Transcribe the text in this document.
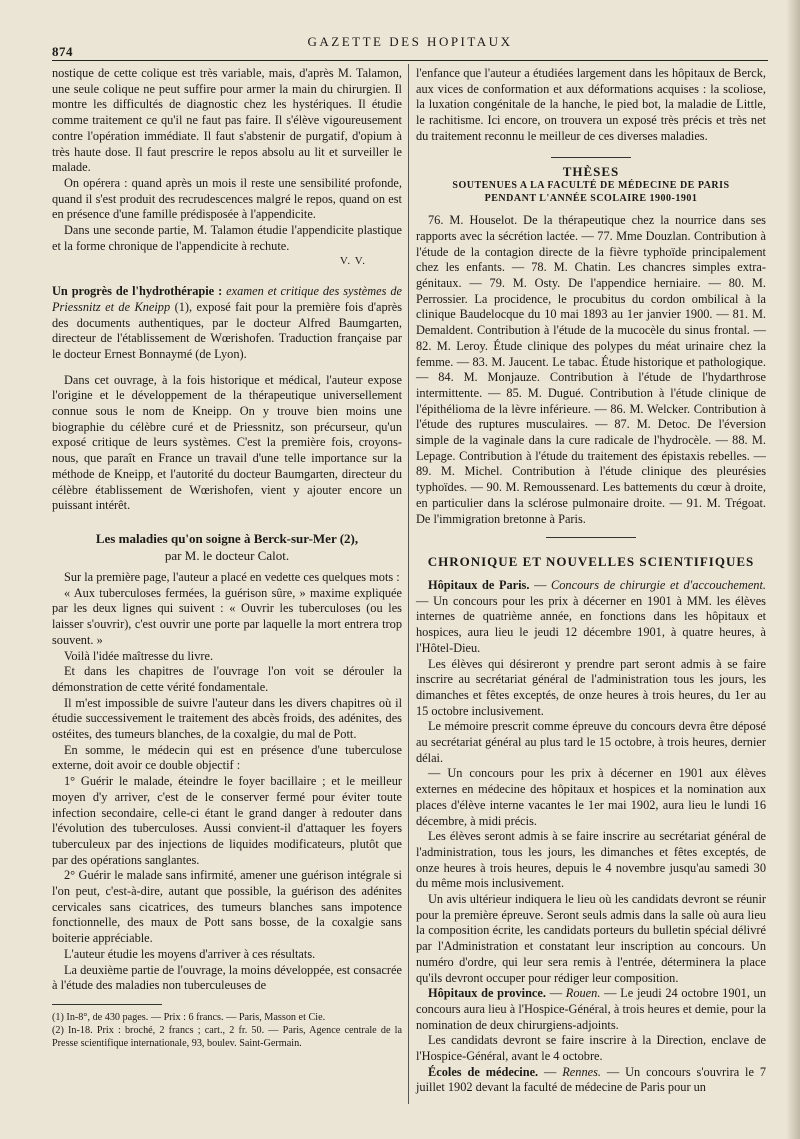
874
GAZETTE DES HOPITAUX

nostique de cette colique est très variable, mais, d'après M. Talamon, une seule colique ne peut suffire pour armer la main du chirurgien. Il montre les difficultés de diagnostic chez les hystériques. Il étudie comme traitement ce qu'il ne faut pas faire. Il s'élève vigoureusement contre l'opération immédiate. Il faut s'abstenir de purgatif, d'opium à très haute dose. Il faut prescrire le repos absolu au lit et surveiller le malade.

On opérera : quand après un mois il reste une sensibilité profonde, quand il s'est produit des recrudescences malgré le repos, quand on est en présence d'une famille prédisposée à l'appendicite.

Dans une seconde partie, M. Talamon étudie l'appendicite plastique et la forme chronique de l'appendicite à rechute.

V. V.

Un progrès de l'hydrothérapie : examen et critique des systèmes de Priessnitz et de Kneipp (1), exposé fait pour la première fois d'après des documents authentiques, par le docteur Alfred Baumgarten, directeur de l'établissement de Wœrishofen. Traduction française par le docteur Ernest Bonnaymé (de Lyon).

Dans cet ouvrage, à la fois historique et médical, l'auteur expose l'origine et le développement de la thérapeutique universellement connue sous le nom de Kneipp. On y trouve bien moins une biographie du célèbre curé et de Priessnitz, son précurseur, qu'un exposé critique de leurs systèmes. C'est la première fois, croyons-nous, que paraît en France un travail d'une telle importance sur la méthode de Kneipp, et l'autorité du docteur Baumgarten, directeur du célèbre établissement de Wœrishofen, vient y ajouter encore un puissant intérêt.

Les maladies qu'on soigne à Berck-sur-Mer (2),
par M. le docteur Calot.

Sur la première page, l'auteur a placé en vedette ces quelques mots :

« Aux tuberculoses fermées, la guérison sûre, » maxime expliquée par les deux lignes qui suivent : « Ouvrir les tuberculoses (ou les laisser s'ouvrir), c'est ouvrir une porte par laquelle la mort entrera trop souvent. »

Voilà l'idée maîtresse du livre.

Et dans les chapitres de l'ouvrage l'on voit se dérouler la démonstration de cette vérité fondamentale.

Il m'est impossible de suivre l'auteur dans les divers chapitres où il étudie successivement le traitement des abcès froids, des adénites, des ostéites, des tumeurs blanches, de la coxalgie, du mal de Pott.

En somme, le médecin qui est en présence d'une tuberculose externe, doit avoir ce double objectif :

1° Guérir le malade, éteindre le foyer bacillaire ; et le meilleur moyen d'y arriver, c'est de le conserver fermé pour éviter toute infection secondaire, celle-ci étant le grand danger à redouter dans l'évolution des tuberculoses. Aussi convient-il d'attaquer les foyers tuberculeux par des injections de liquides modificateurs, plutôt que par des opérations sanglantes.

2° Guérir le malade sans infirmité, amener une guérison intégrale si l'on peut, c'est-à-dire, autant que possible, la guérison des adénites cervicales sans cicatrices, des tumeurs blanches sans impotence fonctionnelle, des maux de Pott sans bosse, de la coxalgie sans boiterie appréciable.

L'auteur étudie les moyens d'arriver à ces résultats.

La deuxième partie de l'ouvrage, la moins développée, est consacrée à l'étude des maladies non tuberculeuses de

(1) In-8°, de 430 pages. — Prix : 6 francs. — Paris, Masson et Cie.

(2) In-18. Prix : broché, 2 francs ; cart., 2 fr. 50. — Paris, Agence centrale de la Presse scientifique internationale, 93, boulev. Saint-Germain.

l'enfance que l'auteur a étudiées largement dans les hôpitaux de Berck, aux vices de conformation et aux déformations acquises : la scoliose, la luxation congénitale de la hanche, le pied bot, la maladie de Little, le rachitisme. Ici encore, on trouvera un exposé très précis et très net du traitement reconnu le meilleur de ces diverses maladies.

THÈSES
SOUTENUES A LA FACULTÉ DE MÉDECINE DE PARIS
PENDANT L'ANNÉE SCOLAIRE 1900-1901

76. M. Houselot. De la thérapeutique chez la nourrice dans ses rapports avec la sécrétion lactée. — 77. Mme Douzlan. Contribution à l'étude de la contagion directe de la fièvre typhoïde principalement chez les enfants. — 78. M. Chatin. Les chancres simples extra-génitaux. — 79. M. Osty. De l'appendice herniaire. — 80. M. Perrossier. La procidence, le procubitus du cordon ombilical à la clinique Baudelocque du 10 mai 1893 au 1er janvier 1900. — 81. M. Demaldent. Contribution à l'étude de la mucocèle du sinus frontal. — 82. M. Leroy. Étude clinique des polypes du méat urinaire chez la femme. — 83. M. Jaucent. Le tabac. Étude historique et pathologique. — 84. M. Monjauze. Contribution à l'étude de l'hydarthrose intermittente. — 85. M. Dugué. Contribution à l'étude clinique de l'épithélioma de la lèvre inférieure. — 86. M. Welcker. Contribution à l'étude des ruptures musculaires. — 87. M. Detoc. De l'éversion simple de la vaginale dans la cure radicale de l'hydrocèle. — 88. M. Lepage. Contribution à l'étude du traitement des épistaxis rebelles. — 89. M. Michel. Contribution à l'étude clinique des pleurésies typhoïdes. — 90. M. Remoussenard. Les battements du cœur à droite, en particulier dans la sclérose pulmonaire droite. — 91. M. Trégoat. De l'immigration bretonne à Paris.

CHRONIQUE ET NOUVELLES SCIENTIFIQUES

Hôpitaux de Paris. — Concours de chirurgie et d'accouchement. — Un concours pour les prix à décerner en 1901 à MM. les élèves internes de quatrième année, en fonctions dans les hôpitaux et hospices, aura lieu le jeudi 12 décembre 1901, à quatre heures, à l'Hôtel-Dieu.

Les élèves qui désireront y prendre part seront admis à se faire inscrire au secrétariat général de l'administration tous les jours, les dimanches et fêtes exceptés, de onze heures à trois heures, du 1er au 15 octobre inclusivement.

Le mémoire prescrit comme épreuve du concours devra être déposé au secrétariat général au plus tard le 15 octobre, à trois heures, dernier délai.

— Un concours pour les prix à décerner en 1901 aux élèves externes en médecine des hôpitaux et hospices et la nomination aux places d'élève interne vacantes le 1er mai 1902, aura lieu le lundi 16 décembre, à midi précis.

Les élèves seront admis à se faire inscrire au secrétariat général de l'administration, tous les jours, les dimanches et fêtes exceptés, de onze heures à trois heures, depuis le 4 novembre jusqu'au samedi 30 du même mois inclusivement.

Un avis ultérieur indiquera le lieu où les candidats devront se réunir pour la première épreuve. Seront seuls admis dans la salle où aura lieu la composition écrite, les candidats porteurs du bulletin spécial délivré par l'Administration et constatant leur inscription au concours. Un numéro d'ordre, qui leur sera remis à l'entrée, déterminera la place qu'ils devront occuper pour rédiger leur composition.

Hôpitaux de province. — Rouen. — Le jeudi 24 octobre 1901, un concours aura lieu à l'Hospice-Général, à trois heures et demie, pour la nomination de deux chirurgiens-adjoints.

Les candidats devront se faire inscrire à la Direction, enclave de l'Hospice-Général, avant le 4 octobre.

Écoles de médecine. — Rennes. — Un concours s'ouvrira le 7 juillet 1902 devant la faculté de médecine de Paris pour un
